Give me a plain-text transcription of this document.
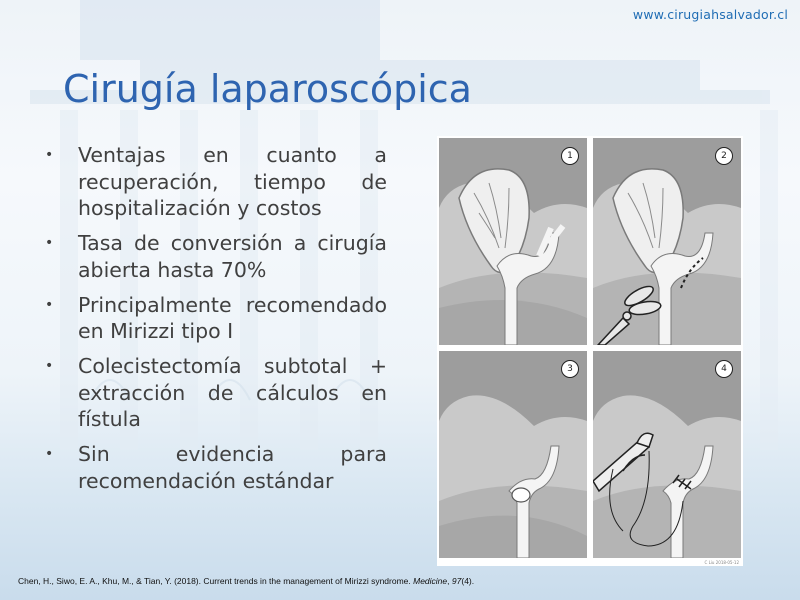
www.cirugiahsalvador.cl
Cirugía laparoscópica
• Ventajas en cuanto a recuperación, tiempo de hospitalización y costos
• Tasa de conversión a cirugía abierta hasta 70%
• Principalmente recomendado en Mirizzi tipo I
• Colecistectomía subtotal + extracción de cálculos en fístula
• Sin evidencia para recomendación estándar
1	2
3	4
C Liu 2018-05-12
Chen, H., Siwo, E. A., Khu, M., & Tian, Y. (2018). Current trends in the management of Mirizzi syndrome. Medicine, 97(4).
